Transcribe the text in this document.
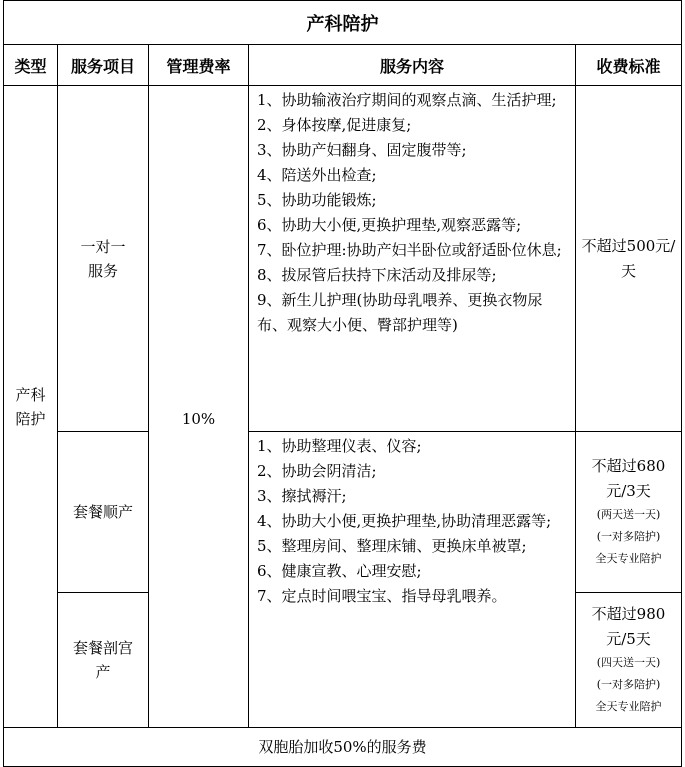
产科陪护
类型 服务项目 管理费率	服务内容	收费标准
产科陪护
一对一服务
套餐顺产
套餐剖宫产
10%
1、协助输液治疗期间的观察点滴、生活护理;
2、身体按摩,促进康复;
3、协助产妇翻身、固定腹带等;
4、陪送外出检查;
5、协助功能锻炼;
6、协助大小便,更换护理垫,观察恶露等;
7、卧位护理:协助产妇半卧位或舒适卧位休息;
8、拔尿管后扶持下床活动及排尿等;
9、新生儿护理(协助母乳喂养、更换衣物尿布、观察大小便、臀部护理等)
1、协助整理仪表、仪容;
2、协助会阴清洁;
3、擦拭褥汗;
4、协助大小便,更换护理垫,协助清理恶露等;
5、整理房间、整理床铺、更换床单被罩;
6、健康宣教、心理安慰;
7、定点时间喂宝宝、指导母乳喂养。
不超过500元/天
不超过680元/3天
(两天送一天)
(一对多陪护)
全天专业陪护
不超过980元/5天
(四天送一天)
(一对多陪护)
全天专业陪护
双胞胎加收50%的服务费
